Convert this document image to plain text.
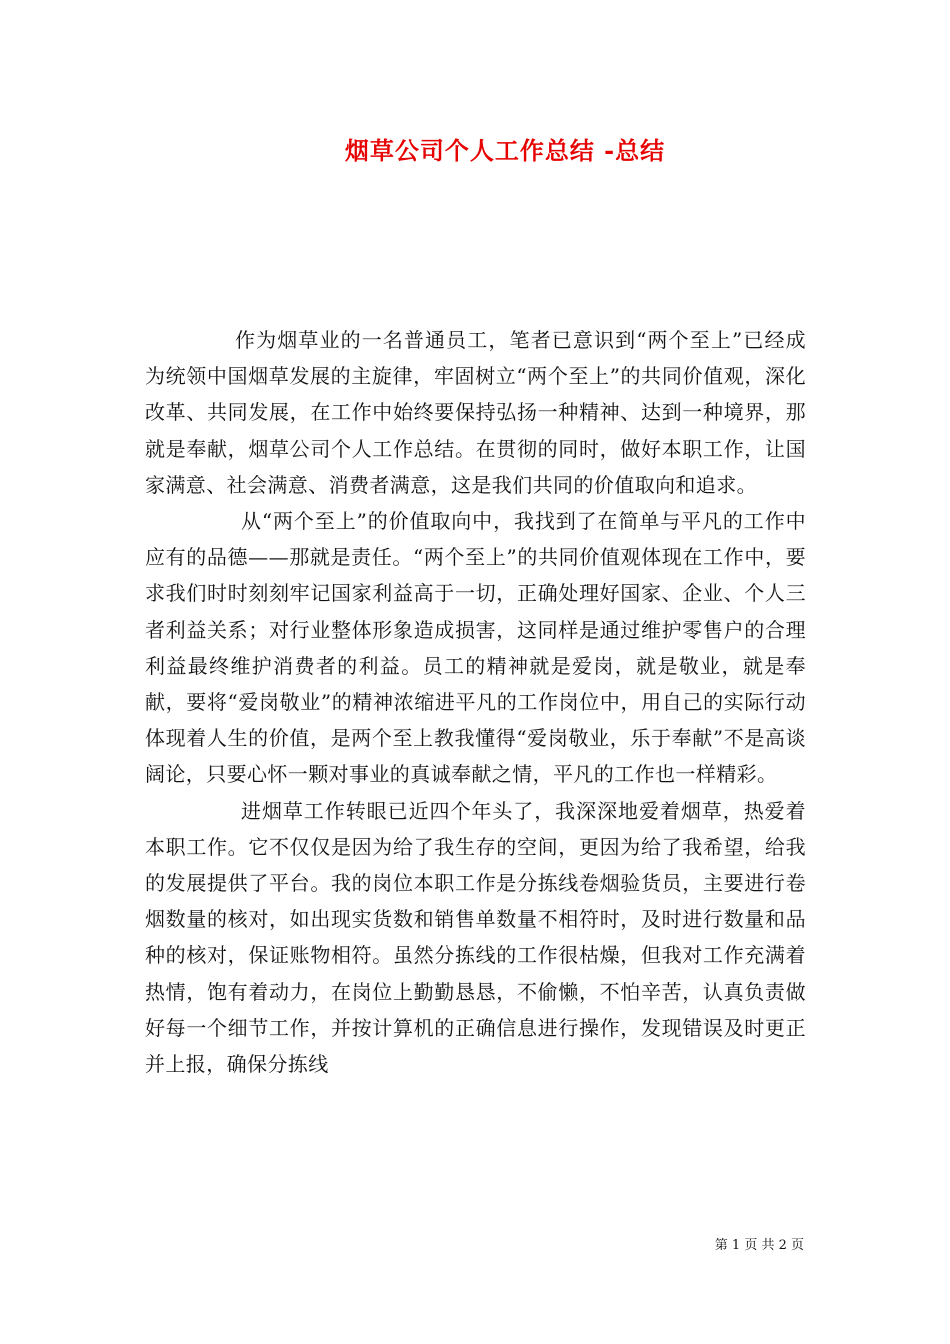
烟草公司个人工作总结 -总结

作为烟草业的一名普通员工，笔者已意识到“两个至上”已经成为统领中国烟草发展的主旋律，牢固树立“两个至上”的共同价值观，深化改革、共同发展，在工作中始终要保持弘扬一种精神、达到一种境界，那就是奉献，烟草公司个人工作总结。在贯彻的同时，做好本职工作，让国家满意、社会满意、消费者满意，这是我们共同的价值取向和追求。

从“两个至上”的价值取向中，我找到了在简单与平凡的工作中应有的品德——那就是责任。“两个至上”的共同价值观体现在工作中，要求我们时时刻刻牢记国家利益高于一切，正确处理好国家、企业、个人三者利益关系；对行业整体形象造成损害，这同样是通过维护零售户的合理利益最终维护消费者的利益。员工的精神就是爱岗，就是敬业，就是奉献，要将“爱岗敬业”的精神浓缩进平凡的工作岗位中，用自己的实际行动体现着人生的价值，是两个至上教我懂得“爱岗敬业，乐于奉献”不是高谈阔论，只要心怀一颗对事业的真诚奉献之情，平凡的工作也一样精彩。

进烟草工作转眼已近四个年头了，我深深地爱着烟草，热爱着本职工作。它不仅仅是因为给了我生存的空间，更因为给了我希望，给我的发展提供了平台。我的岗位本职工作是分拣线卷烟验货员，主要进行卷烟数量的核对，如出现实货数和销售单数量不相符时，及时进行数量和品种的核对，保证账物相符。虽然分拣线的工作很枯燥，但我对工作充满着热情，饱有着动力，在岗位上勤勤恳恳，不偷懒，不怕辛苦，认真负责做好每一个细节工作，并按计算机的正确信息进行操作，发现错误及时更正并上报，确保分拣线

第 1 页 共 2 页
